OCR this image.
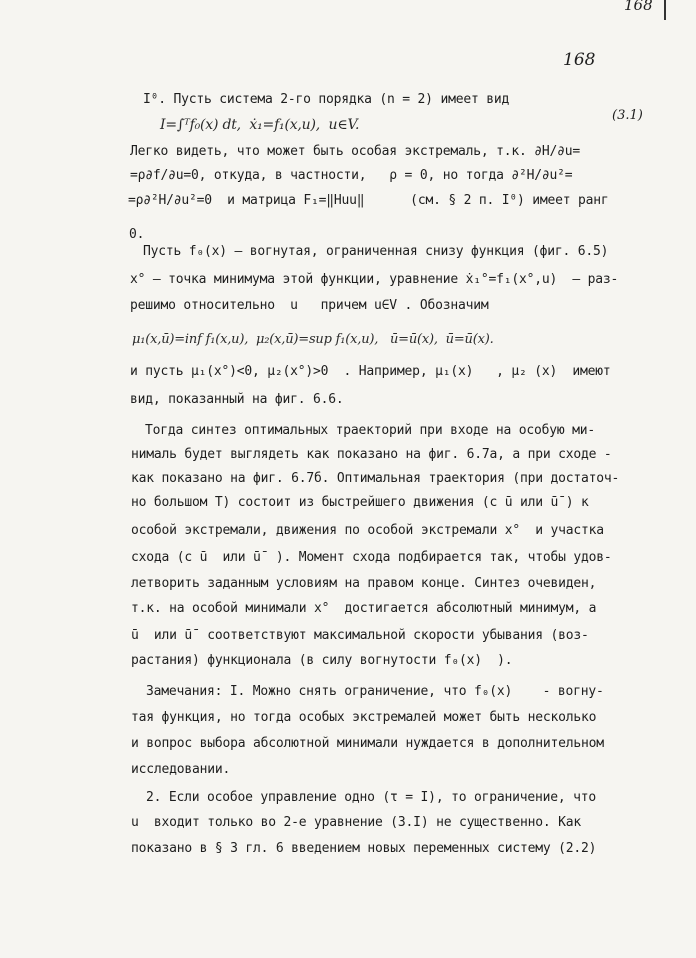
168
168
(3.1)
I⁰. Пусть система 2-го порядка (n = 2) имеет вид
I=∫ᵀf₀(x) dt,  ẋ₁=f₁(x,u),  u∈V.
Легко видеть, что может быть особая экстремаль, т.к. ∂H/∂u=
=ρ∂f/∂u=0, откуда, в частности,   ρ = 0, но тогда ∂²H/∂u²=
=ρ∂²H/∂u²=0  и матрица F₁=‖Huu‖      (см. § 2 п. I⁰) имеет ранг
0.
Пусть f₀(x) – вогнутая, ограниченная снизу функция (фиг. 6.5)
x° – точка минимума этой функции, уравнение ẋ₁°=f₁(x°,u)  – раз-
решимо относительно  u   причем u∈V . Обозначим
μ₁(x,ū)=inf f₁(x,u),  μ₂(x,ū̄)=sup f₁(x,u),   ū=ū(x),  ū̄=ū̄(x).
и пусть μ₁(x°)<0, μ₂(x°)>0  . Например, μ₁(x)   , μ₂ (x)  имеют
вид, показанный на фиг. 6.6.
Тогда синтез оптимальных траекторий при входе на особую ми-
нималь будет выглядеть как показано на фиг. 6.7а, а при сходе -
как показано на фиг. 6.7б. Оптимальная траектория (при достаточ-
но большом T) состоит из быстрейшего движения (с ū или ū̄ ) к
особой экстремали, движения по особой экстремали x°  и участка
схода (с ū  или ū̄  ). Момент схода подбирается так, чтобы удов-
летворить заданным условиям на правом конце. Синтез очевиден,
т.к. на особой минимали x°  достигается абсолютный минимум, а
ū  или ū̄  соответствуют максимальной скорости убывания (воз-
растания) функционала (в силу вогнутости f₀(x)  ).
Замечания: I. Можно снять ограничение, что f₀(x)    - вогну-
тая функция, но тогда особых экстремалей может быть несколько
и вопрос выбора абсолютной минимали нуждается в дополнительном
исследовании.
2. Если особое управление одно (τ = I), то ограничение, что
u  входит только во 2-е уравнение (3.I) не существенно. Как
показано в § 3 гл. 6 введением новых переменных систему (2.2)
